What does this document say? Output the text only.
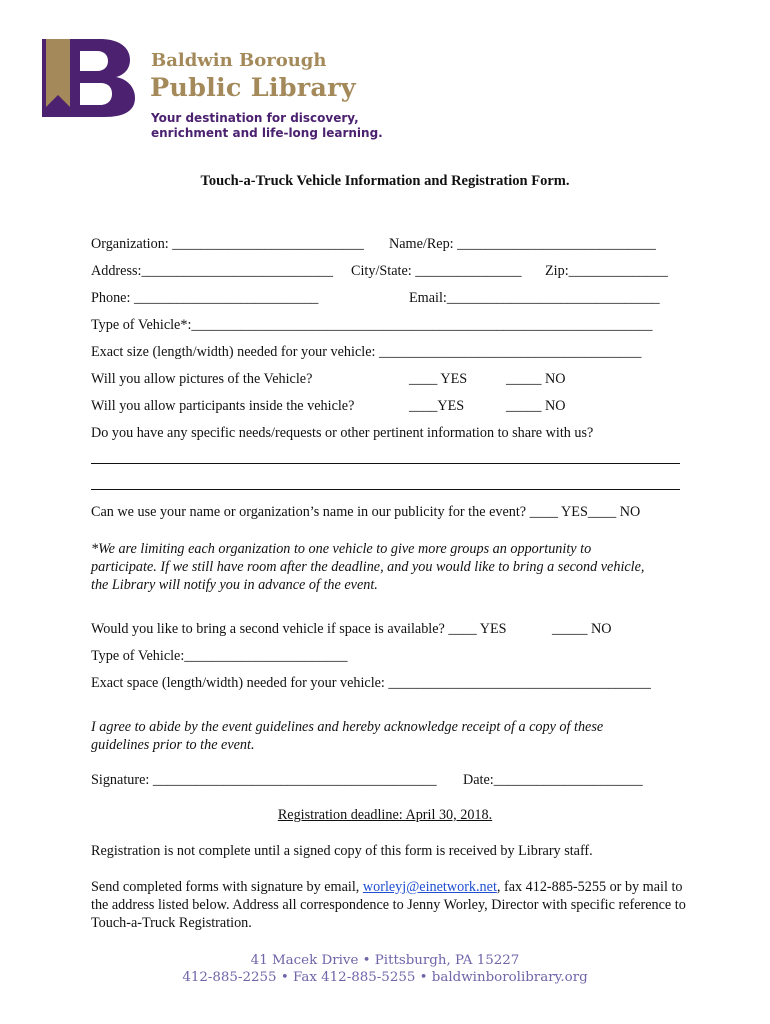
Baldwin Borough
Public Library
Your destination for discovery,
enrichment and life-long learning.
Touch-a-Truck Vehicle Information and Registration Form.
Organization: ___________________________ Name/Rep: ____________________________
Address:___________________________ City/State: _______________ Zip:______________
Phone: __________________________	Email:______________________________
Type of Vehicle*:_________________________________________________________________
Exact size (length/width) needed for your vehicle: _____________________________________
Will you allow pictures of the Vehicle?	____ YES	_____ NO
Will you allow participants inside the vehicle?	____YES	_____ NO
Do you have any specific needs/requests or other pertinent information to share with us?
Can we use your name or organization’s name in our publicity for the event? ____ YES____ NO
*We are limiting each organization to one vehicle to give more groups an opportunity to participate. If we still have room after the deadline, and you would like to bring a second vehicle, the Library will notify you in advance of the event.
Would you like to bring a second vehicle if space is available? ____ YES	_____ NO
Type of Vehicle:_______________________
Exact space (length/width) needed for your vehicle: _____________________________________
I agree to abide by the event guidelines and hereby acknowledge receipt of a copy of these guidelines prior to the event.
Signature: ________________________________________ Date:_____________________
Registration deadline: April 30, 2018.
Registration is not complete until a signed copy of this form is received by Library staff.
Send completed forms with signature by email, worleyj@einetwork.net, fax 412-885-5255 or by mail to the address listed below. Address all correspondence to Jenny Worley, Director with specific reference to Touch-a-Truck Registration.
41 Macek Drive • Pittsburgh, PA 15227
412-885-2255 • Fax 412-885-5255 • baldwinborolibrary.org
